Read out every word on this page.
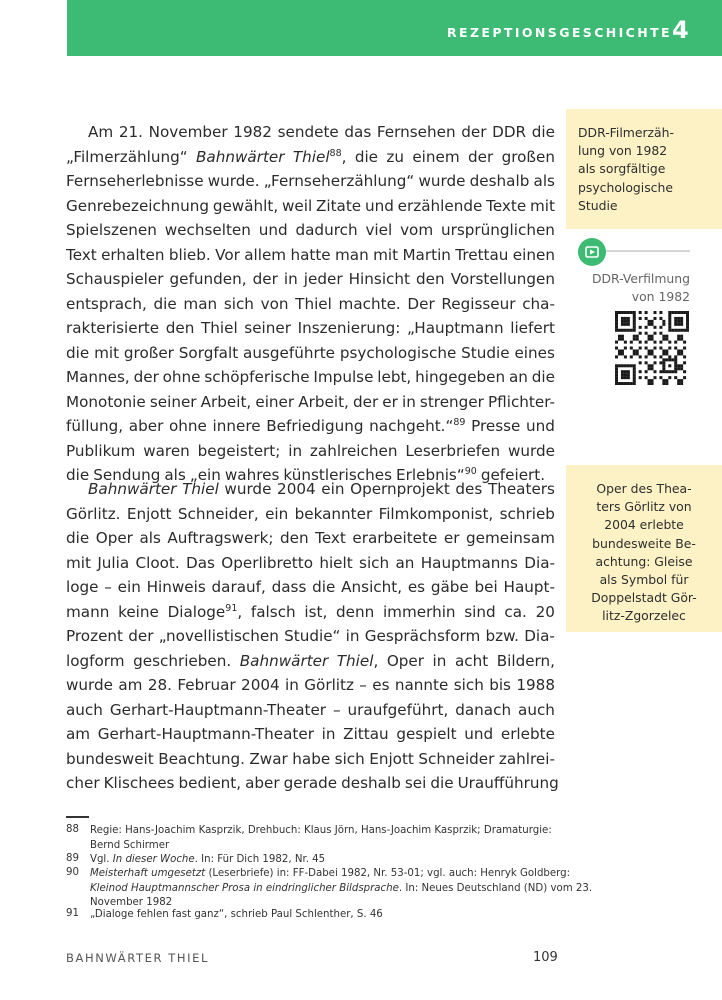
REZEPTIONSGESCHICHTE 4
Am 21. November 1982 sendete das Fernsehen der DDR die
„Filmerzählung“ Bahnwärter Thiel$^{88}$, die zu einem der großen
Fernseherlebnisse wurde. „Fernseherzählung“ wurde deshalb als
Genrebezeichnung gewählt, weil Zitate und erzählende Texte mit
Spielszenen wechselten und dadurch viel vom ursprünglichen
Text erhalten blieb. Vor allem hatte man mit Martin Trettau einen
Schauspieler gefunden, der in jeder Hinsicht den Vorstellungen
entsprach, die man sich von Thiel machte. Der Regisseur cha-
rakterisierte den Thiel seiner Inszenierung: „Hauptmann liefert
die mit großer Sorgfalt ausgeführte psychologische Studie eines
Mannes, der ohne schöpferische Impulse lebt, hingegeben an die
Monotonie seiner Arbeit, einer Arbeit, der er in strenger Pflichter-
füllung, aber ohne innere Befriedigung nachgeht.“$^{89}$ Presse und
Publikum waren begeistert; in zahlreichen Leserbriefen wurde
die Sendung als „ein wahres künstlerisches Erlebnis“$^{90}$ gefeiert.
Bahnwärter Thiel wurde 2004 ein Opernprojekt des Theaters
Görlitz. Enjott Schneider, ein bekannter Filmkomponist, schrieb
die Oper als Auftragswerk; den Text erarbeitete er gemeinsam
mit Julia Cloot. Das Operlibretto hielt sich an Hauptmanns Dia-
loge – ein Hinweis darauf, dass die Ansicht, es gäbe bei Haupt-
mann keine Dialoge$^{91}$, falsch ist, denn immerhin sind ca. 20
Prozent der „novellistischen Studie“ in Gesprächsform bzw. Dia-
logform geschrieben. Bahnwärter Thiel, Oper in acht Bildern,
wurde am 28. Februar 2004 in Görlitz – es nannte sich bis 1988
auch Gerhart-Hauptmann-Theater – uraufgeführt, danach auch
am Gerhart-Hauptmann-Theater in Zittau gespielt und erlebte
bundesweit Beachtung. Zwar habe sich Enjott Schneider zahlrei-
cher Klischees bedient, aber gerade deshalb sei die Uraufführung
DDR-Filmerzäh-
lung von 1982
als sorgfältige
psychologische
Studie
DDR-Verfilmung
von 1982
Oper des Thea-
ters Görlitz von
2004 erlebte
bundesweite Be-
achtung: Gleise
als Symbol für
Doppelstadt Gör-
litz-Zgorzelec
88	Regie: Hans-Joachim Kasprzik, Drehbuch: Klaus Jörn, Hans-Joachim Kasprzik; Dramaturgie:
Bernd Schirmer
89	Vgl. In dieser Woche. In: Für Dich 1982, Nr. 45
90	Meisterhaft umgesetzt (Leserbriefe) in: FF-Dabei 1982, Nr. 53-01; vgl. auch: Henryk Goldberg:
Kleinod Hauptmannscher Prosa in eindringlicher Bildsprache. In: Neues Deutschland (ND) vom 23.
November 1982
91	„Dialoge fehlen fast ganz“, schrieb Paul Schlenther, S. 46
BAHNWÄRTER THIEL	109
